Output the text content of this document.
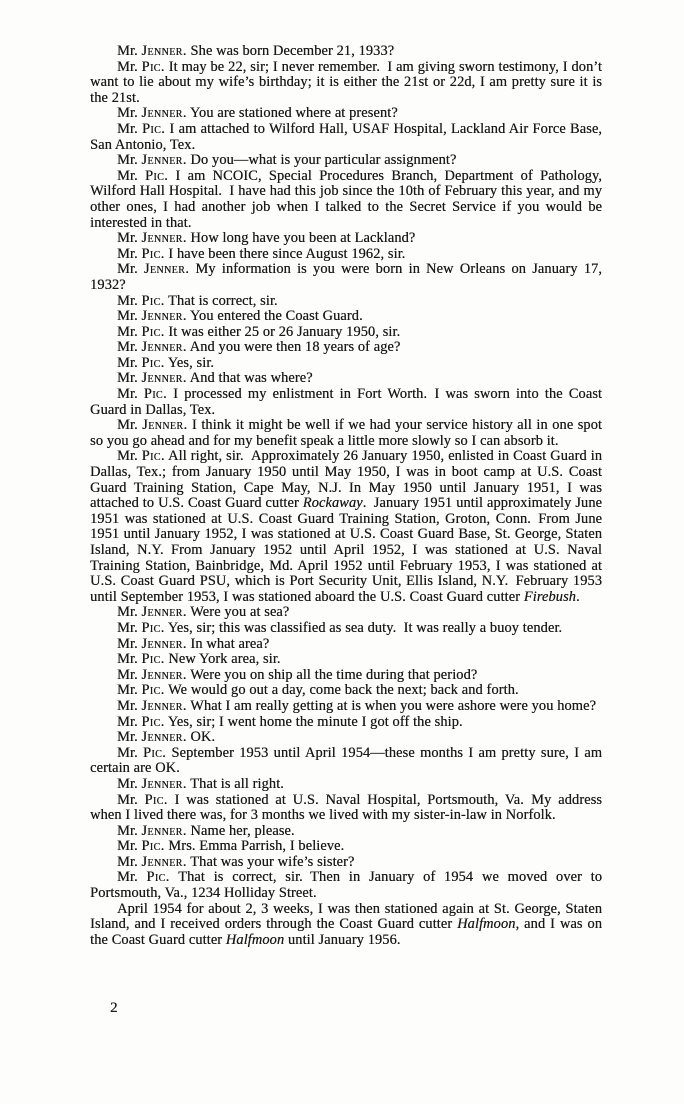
Mr. Jenner. She was born December 21, 1933?

Mr. Pic. It may be 22, sir; I never remember. I am giving sworn testimony, I don’t want to lie about my wife’s birthday; it is either the 21st or 22d, I am pretty sure it is the 21st.

Mr. Jenner. You are stationed where at present?

Mr. Pic. I am attached to Wilford Hall, USAF Hospital, Lackland Air Force Base, San Antonio, Tex.

Mr. Jenner. Do you—what is your particular assignment?

Mr. Pic. I am NCOIC, Special Procedures Branch, Department of Pathology, Wilford Hall Hospital. I have had this job since the 10th of February this year, and my other ones, I had another job when I talked to the Secret Service if you would be interested in that.

Mr. Jenner. How long have you been at Lackland?

Mr. Pic. I have been there since August 1962, sir.

Mr. Jenner. My information is you were born in New Orleans on January 17, 1932?

Mr. Pic. That is correct, sir.

Mr. Jenner. You entered the Coast Guard.

Mr. Pic. It was either 25 or 26 January 1950, sir.

Mr. Jenner. And you were then 18 years of age?

Mr. Pic. Yes, sir.

Mr. Jenner. And that was where?

Mr. Pic. I processed my enlistment in Fort Worth. I was sworn into the Coast Guard in Dallas, Tex.

Mr. Jenner. I think it might be well if we had your service history all in one spot so you go ahead and for my benefit speak a little more slowly so I can absorb it.

Mr. Pic. All right, sir. Approximately 26 January 1950, enlisted in Coast Guard in Dallas, Tex.; from January 1950 until May 1950, I was in boot camp at U.S. Coast Guard Training Station, Cape May, N.J. In May 1950 until January 1951, I was attached to U.S. Coast Guard cutter Rockaway. January 1951 until approximately June 1951 was stationed at U.S. Coast Guard Training Station, Groton, Conn. From June 1951 until January 1952, I was stationed at U.S. Coast Guard Base, St. George, Staten Island, N.Y. From January 1952 until April 1952, I was stationed at U.S. Naval Training Station, Bainbridge, Md. April 1952 until February 1953, I was stationed at U.S. Coast Guard PSU, which is Port Security Unit, Ellis Island, N.Y. February 1953 until September 1953, I was stationed aboard the U.S. Coast Guard cutter Firebush.

Mr. Jenner. Were you at sea?

Mr. Pic. Yes, sir; this was classified as sea duty. It was really a buoy tender.

Mr. Jenner. In what area?

Mr. Pic. New York area, sir.

Mr. Jenner. Were you on ship all the time during that period?

Mr. Pic. We would go out a day, come back the next; back and forth.

Mr. Jenner. What I am really getting at is when you were ashore were you home?

Mr. Pic. Yes, sir; I went home the minute I got off the ship.

Mr. Jenner. OK.

Mr. Pic. September 1953 until April 1954—these months I am pretty sure, I am certain are OK.

Mr. Jenner. That is all right.

Mr. Pic. I was stationed at U.S. Naval Hospital, Portsmouth, Va. My address when I lived there was, for 3 months we lived with my sister-in-law in Norfolk.

Mr. Jenner. Name her, please.

Mr. Pic. Mrs. Emma Parrish, I believe.

Mr. Jenner. That was your wife’s sister?

Mr. Pic. That is correct, sir. Then in January of 1954 we moved over to Portsmouth, Va., 1234 Holliday Street.

April 1954 for about 2, 3 weeks, I was then stationed again at St. George, Staten Island, and I received orders through the Coast Guard cutter Halfmoon, and I was on the Coast Guard cutter Halfmoon until January 1956.

2
